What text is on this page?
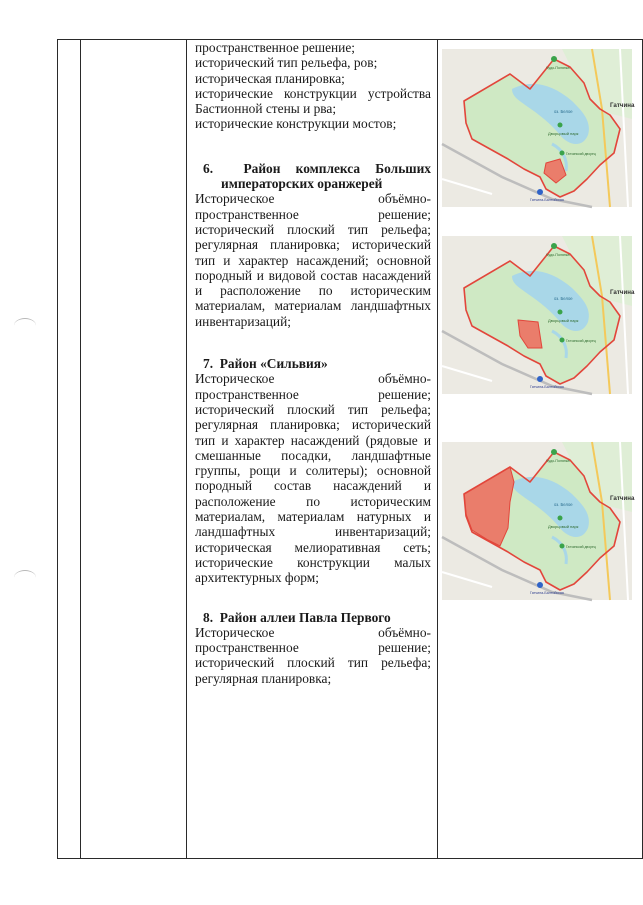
пространственное решение;

исторический тип рельефа, ров;

историческая планировка;

исторические конструкции устройства Бастионной стены и рва;

исторические конструкции мостов;

6. Район комплекса Больших императорских оранжерей

Историческое объёмно-пространственное решение; исторический плоский тип рельефа; регулярная планировка; исторический тип и характер насаждений; основной породный и видовой состав насаждений и расположение по историческим материалам, материалам ландшафтных инвентаризаций;

7. Район «Сильвия»

Историческое объёмно-пространственное решение; исторический плоский тип рельефа; регулярная планировка; исторический тип и характер насаждений (рядовые и смешанные посадки, ландшафтные группы, рощи и солитеры); основной породный состав насаждений и расположение по историческим материалам, материалам натурных и ландшафтных инвентаризаций; историческая мелиоративная сеть; исторические конструкции малых архитектурных форм;

8. Район аллеи Павла Первого

Историческое объёмно-пространственное решение; исторический плоский тип рельефа; регулярная планировка;

Чудо-Полянка
оз. Белое
Дворцовый парк
Гатчинский дворец
Гатчина
Гатчина-Балтийская
Чудо-Полянка
оз. Белое
Дворцовый парк
Гатчинский дворец
Гатчина
Гатчина-Балтийская
Чудо-Полянка
оз. Белое
Дворцовый парк
Гатчинский дворец
Гатчина
Гатчина-Балтийская
